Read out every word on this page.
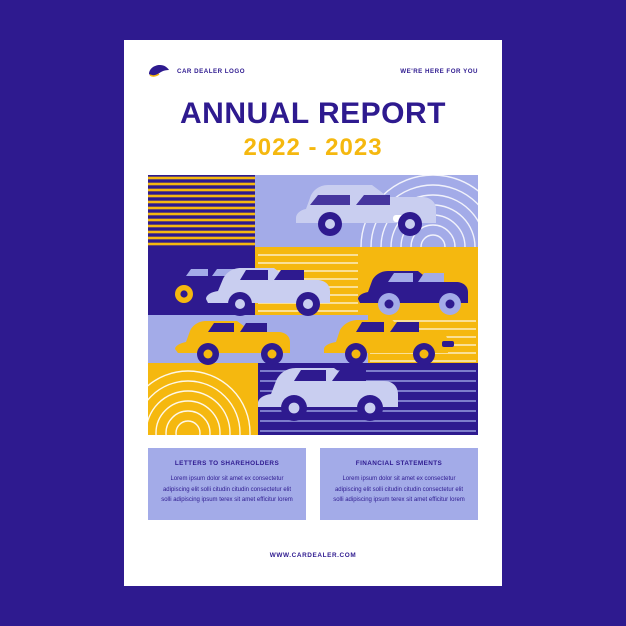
CAR DEALER LOGO	WE'RE HERE FOR YOU
ANNUAL REPORT
2022 - 2023
LETTERS TO SHAREHOLDERS
Lorem ipsum dolor sit amet ex consectetur adipiscing elit solli citudin citudin consectetur elit solli adipiscing ipsum terex sit amet efficitur lorem
FINANCIAL STATEMENTS
Lorem ipsum dolor sit amet ex consectetur adipiscing elit solli citudin citudin consectetur elit solli adipiscing ipsum terex sit amet efficitur lorem
WWW.CARDEALER.COM
